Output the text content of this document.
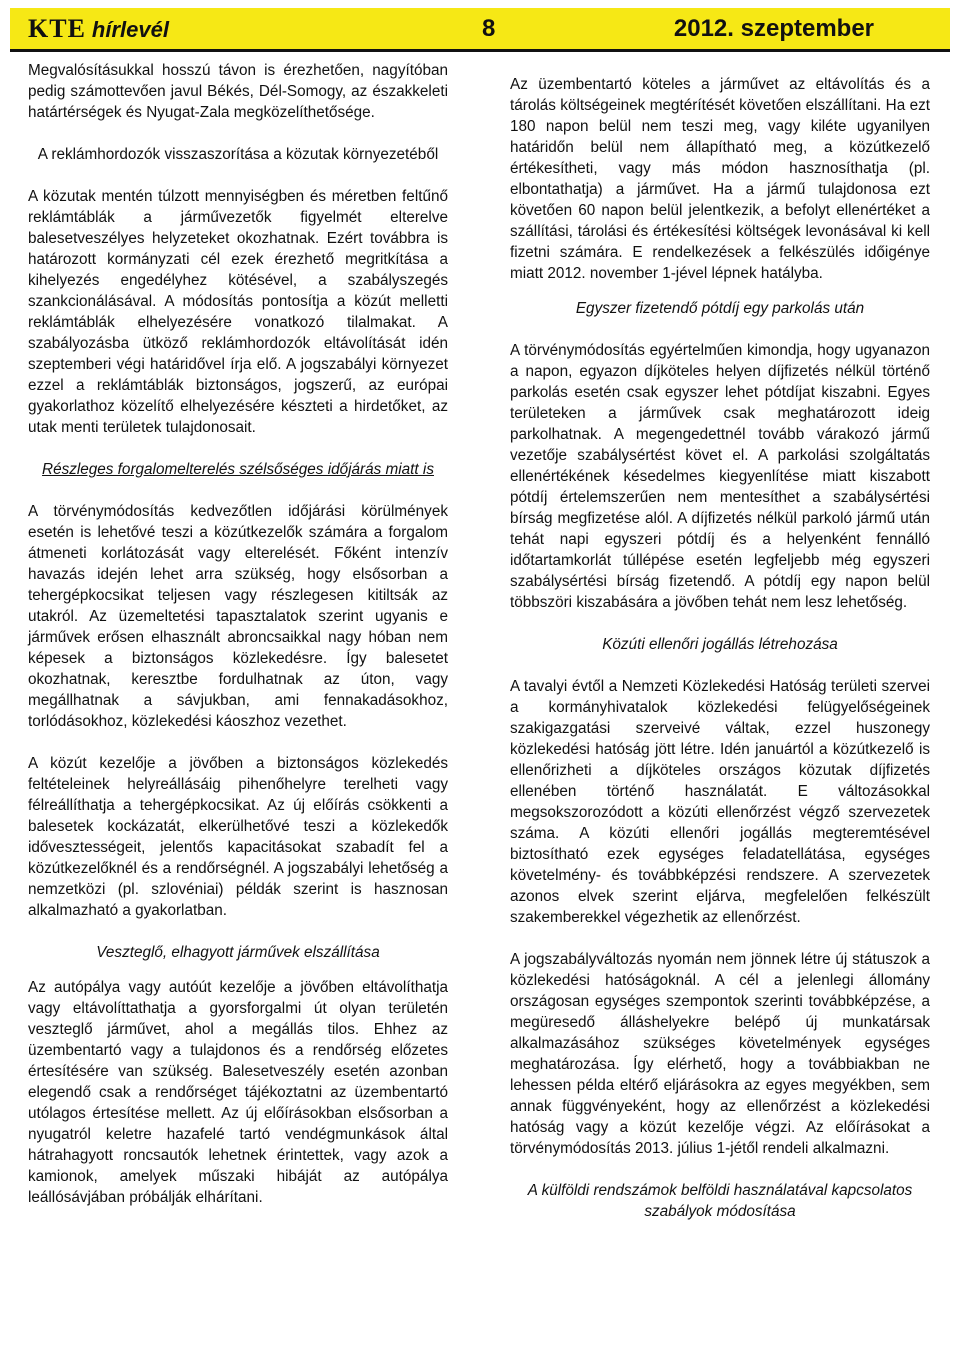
KTE hírlevél	8	2012. szeptember

Megvalósításukkal hosszú távon is érezhetően, nagyítóban pedig számottevően javul Békés, Dél-Somogy, az északkeleti határtérségek és Nyugat-Zala megközelíthetősége.

A reklámhordozók visszaszorítása a közutak környezetéből

A közutak mentén túlzott mennyiségben és méretben feltűnő reklámtáblák a járművezetők figyelmét elterelve balesetveszélyes helyzeteket okozhatnak. Ezért továbbra is határozott kormányzati cél ezek érezhető megritkítása a kihelyezés engedélyhez kötésével, a szabályszegés szankcionálásával. A módosítás pontosítja a közút melletti reklámtáblák elhelyezésére vonatkozó tilalmakat. A szabályozásba ütköző reklámhordozók eltávolítását idén szeptemberi végi határidővel írja elő. A jogszabályi környezet ezzel a reklámtáblák biztonságos, jogszerű, az európai gyakorlathoz közelítő elhelyezésére készteti a hirdetőket, az utak menti területek tulajdonosait.

Részleges forgalomelterelés szélsőséges időjárás miatt is

A törvénymódosítás kedvezőtlen időjárási körülmények esetén is lehetővé teszi a közútkezelők számára a forgalom átmeneti korlátozását vagy elterelését. Főként intenzív havazás idején lehet arra szükség, hogy elsősorban a tehergépkocsikat teljesen vagy részlegesen kitiltsák az utakról. Az üzemeltetési tapasztalatok szerint ugyanis e járművek erősen elhasznált abroncsaikkal nagy hóban nem képesek a biztonságos közlekedésre. Így balesetet okozhatnak, keresztbe fordulhatnak az úton, vagy megállhatnak a sávjukban, ami fennakadásokhoz, torlódásokhoz, közlekedési káoszhoz vezethet.

A közút kezelője a jövőben a biztonságos közlekedés feltételeinek helyreállásáig pihenőhelyre terelheti vagy félreállíthatja a tehergépkocsikat. Az új előírás csökkenti a balesetek kockázatát, elkerülhetővé teszi a közlekedők idővesztességeit, jelentős kapacitásokat szabadít fel a közútkezelőknél és a rendőrségnél. A jogszabályi lehetőség a nemzetközi (pl. szlovéniai) példák szerint is hasznosan alkalmazható a gyakorlatban.

Veszteglő, elhagyott járművek elszállítása

Az autópálya vagy autóút kezelője a jövőben eltávolíthatja vagy eltávolíttathatja a gyorsforgalmi út olyan területén veszteglő járművet, ahol a megállás tilos. Ehhez az üzembentartó vagy a tulajdonos és a rendőrség előzetes értesítésére van szükség. Balesetveszély esetén azonban elegendő csak a rendőrséget tájékoztatni az üzembentartó utólagos értesítése mellett. Az új előírásokban elsősorban a nyugatról keletre hazafelé tartó vendégmunkások által hátrahagyott roncsautók lehetnek érintettek, vagy azok a kamionok, amelyek műszaki hibáját az autópálya leállósávjában próbálják elhárítani.

Az üzembentartó köteles a járművet az eltávolítás és a tárolás költségeinek megtérítését követően elszállítani. Ha ezt 180 napon belül nem teszi meg, vagy kiléte ugyanilyen határidőn belül nem állapítható meg, a közútkezelő értékesítheti, vagy más módon hasznosíthatja (pl. elbontathatja) a járművet. Ha a jármű tulajdonosa ezt követően 60 napon belül jelentkezik, a befolyt ellenértéket a szállítási, tárolási és értékesítési költségek levonásával ki kell fizetni számára. E rendelkezések a felkészülés időigénye miatt 2012. november 1-jével lépnek hatályba.

Egyszer fizetendő pótdíj egy parkolás után

A törvénymódosítás egyértelműen kimondja, hogy ugyanazon a napon, egyazon díjköteles helyen díjfizetés nélkül történő parkolás esetén csak egyszer lehet pótdíjat kiszabni. Egyes területeken a járművek csak meghatározott ideig parkolhatnak. A megengedettnél tovább várakozó jármű vezetője szabálysértést követ el. A parkolási szolgáltatás ellenértékének késedelmes kiegyenlítése miatt kiszabott pótdíj értelemszerűen nem mentesíthet a szabálysértési bírság megfizetése alól. A díjfizetés nélkül parkoló jármű után tehát napi egyszeri pótdíj és a helyenként fennálló időtartamkorlát túllépése esetén legfeljebb még egyszeri szabálysértési bírság fizetendő. A pótdíj egy napon belül többszöri kiszabására a jövőben tehát nem lesz lehetőség.

Közúti ellenőri jogállás létrehozása

A tavalyi évtől a Nemzeti Közlekedési Hatóság területi szervei a kormányhivatalok közlekedési felügyelőségeinek szakigazgatási szerveivé váltak, ezzel huszonegy közlekedési hatóság jött létre. Idén januártól a közútkezelő is ellenőrizheti a díjköteles országos közutak díjfizetés ellenében történő használatát. E változásokkal megsokszorozódott a közúti ellenőrzést végző szervezetek száma. A közúti ellenőri jogállás megteremtésével biztosítható ezek egységes feladatellátása, egységes követelmény- és továbbképzési rendszere. A szervezetek azonos elvek szerint eljárva, megfelelően felkészült szakemberekkel végezhetik az ellenőrzést.

A jogszabályváltozás nyomán nem jönnek létre új státuszok a közlekedési hatóságoknál. A cél a jelenlegi állomány országosan egységes szempontok szerinti továbbképzése, a megüresedő álláshelyekre belépő új munkatársak alkalmazásához szükséges követelmények egységes meghatározása. Így elérhető, hogy a továbbiakban ne lehessen példa eltérő eljárásokra az egyes megyékben, sem annak függvényeként, hogy az ellenőrzést a közlekedési hatóság vagy a közút kezelője végzi. Az előírásokat a törvénymódosítás 2013. július 1-jétől rendeli alkalmazni.

A külföldi rendszámok belföldi használatával kapcsolatos szabályok módosítása
